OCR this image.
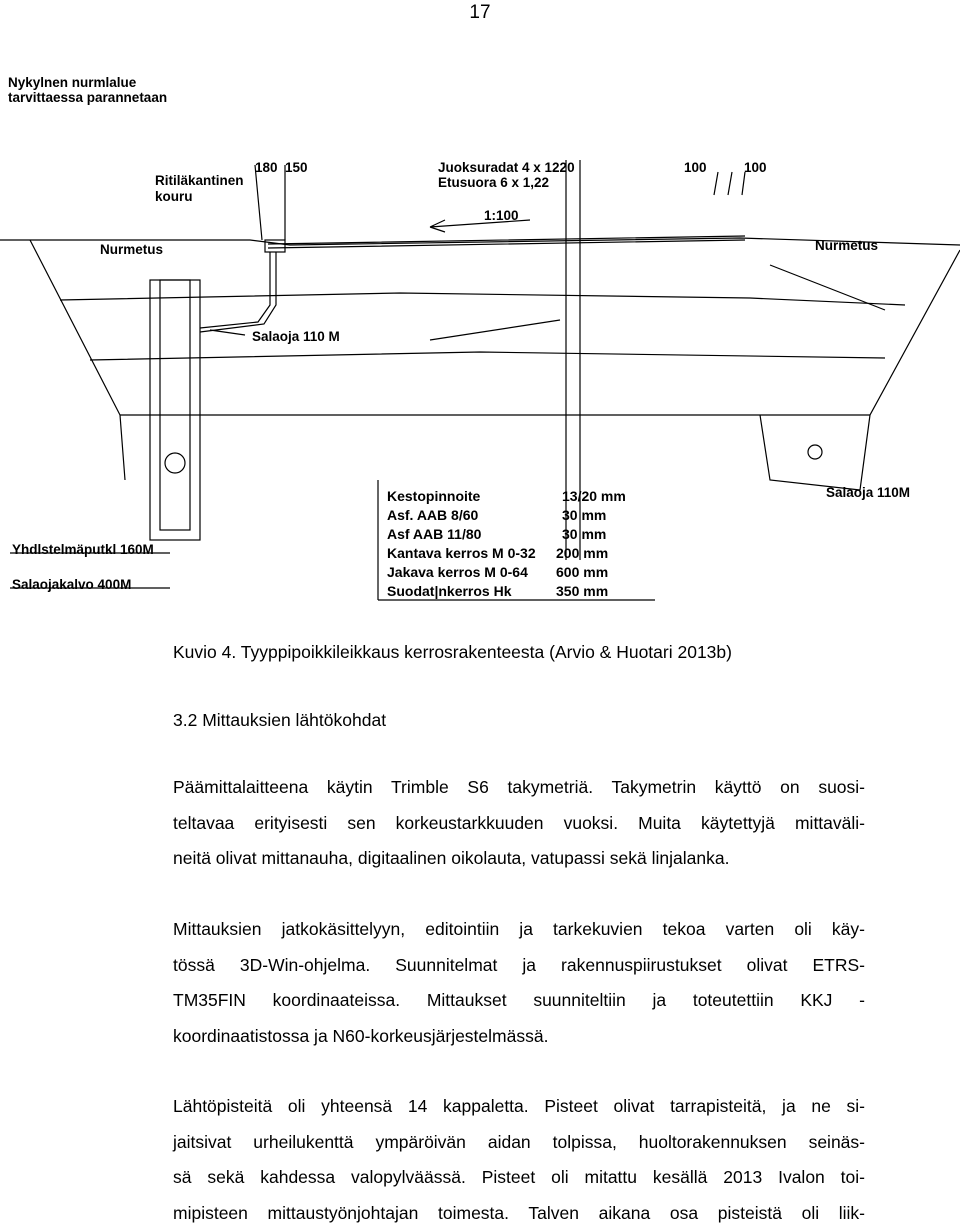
17
Nykylnen nurmlalue
tarvittaessa parannetaan
Ritiläkantinen
kouru
180 150	Juoksuradat 4 x 1220
Etusuora 6 x 1,22
1:100
100	100
Nurmetus	Nurmetus
Salaoja 110 M
Salaoja 110M
Yhdlstelmäputkl 160M
Salaojakalvo 400M
Kestopinnoite	13/20 mm
Asf. AAB 8/60	30 mm
Asf AAB 11/80	30 mm
Kantava kerros M 0-32 200 mm
Jakava kerros M 0-64 600 mm
Suodat|nkerros Hk	350 mm
Kuvio 4. Tyyppipoikkileikkaus kerrosrakenteesta (Arvio & Huotari 2013b)
3.2 Mittauksien lähtökohdat
Päämittalaitteena käytin Trimble S6 takymetriä. Takymetrin käyttö on suosi-
teltavaa erityisesti sen korkeustarkkuuden vuoksi. Muita käytettyjä mittaväli-
neitä olivat mittanauha, digitaalinen oikolauta, vatupassi sekä linjalanka.
Mittauksien jatkokäsittelyyn, editointiin ja tarkekuvien tekoa varten oli käy-
tössä 3D-Win-ohjelma. Suunnitelmat ja rakennuspiirustukset olivat ETRS-
TM35FIN koordinaateissa. Mittaukset suunniteltiin ja toteutettiin KKJ -
koordinaatistossa ja N60-korkeusjärjestelmässä.
Lähtöpisteitä oli yhteensä 14 kappaletta. Pisteet olivat tarrapisteitä, ja ne si-
jaitsivat urheilukenttä ympäröivän aidan tolpissa, huoltorakennuksen seinäs-
sä sekä kahdessa valopylväässä. Pisteet oli mitattu kesällä 2013 Ivalon toi-
mipisteen mittaustyönjohtajan toimesta. Talven aikana osa pisteistä oli liik-
